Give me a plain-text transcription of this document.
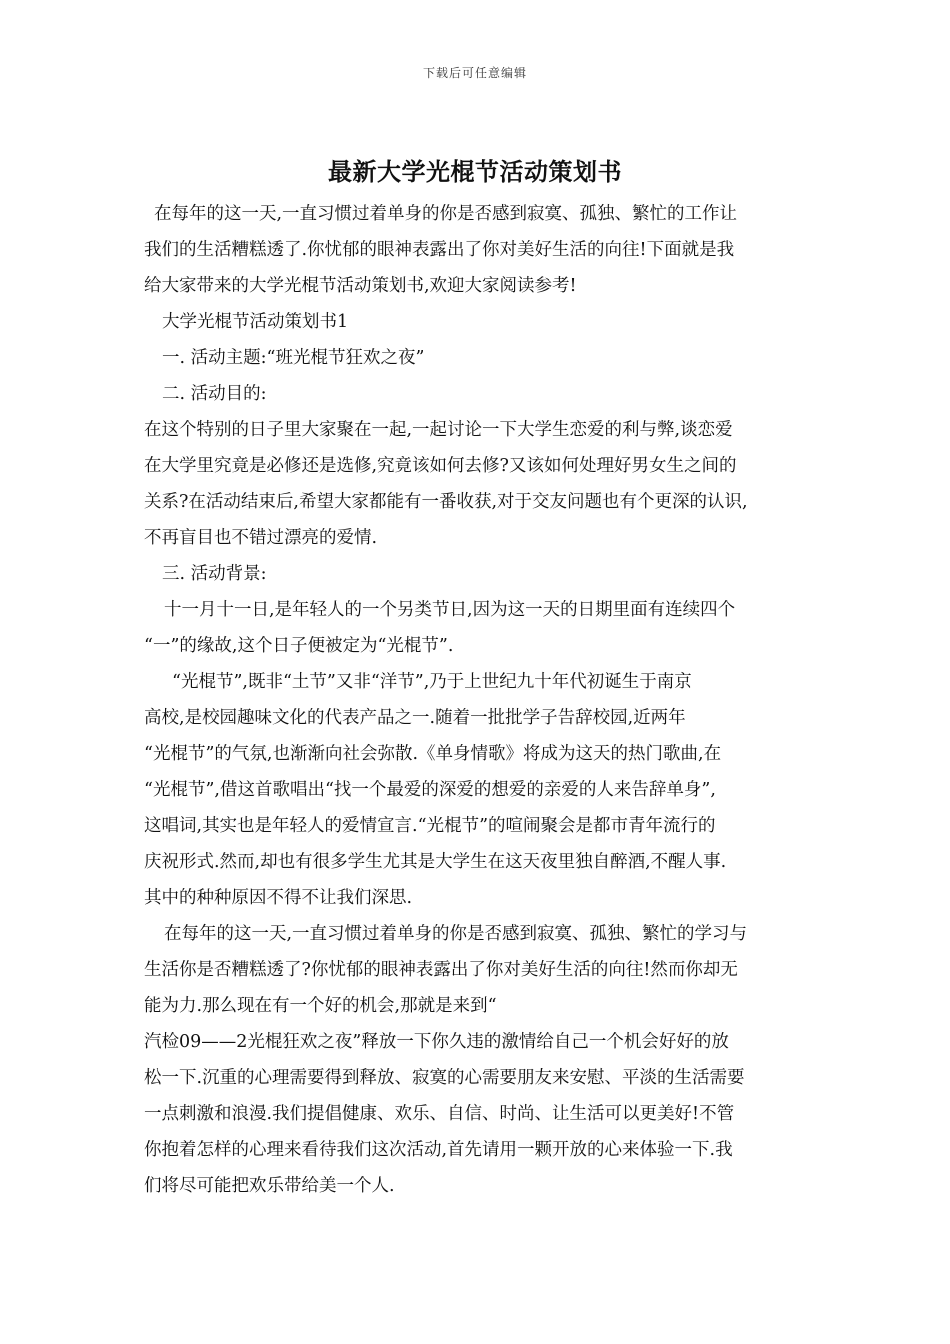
下载后可任意编辑
最新大学光棍节活动策划书
在每年的这一天,一直习惯过着单身的你是否感到寂寞、孤独、繁忙的工作让
我们的生活糟糕透了.你忧郁的眼神表露出了你对美好生活的向往!下面就是我
给大家带来的大学光棍节活动策划书,欢迎大家阅读参考!
大学光棍节活动策划书1
一. 活动主题:“班光棍节狂欢之夜”
二. 活动目的:
在这个特别的日子里大家聚在一起,一起讨论一下大学生恋爱的利与弊,谈恋爱
在大学里究竟是必修还是选修,究竟该如何去修?又该如何处理好男女生之间的
关系?在活动结束后,希望大家都能有一番收获,对于交友问题也有个更深的认识,
不再盲目也不错过漂亮的爱情.
三. 活动背景:
十一月十一日,是年轻人的一个另类节日,因为这一天的日期里面有连续四个
“一”的缘故,这个日子便被定为“光棍节”.
“光棍节”,既非“土节”又非“洋节”,乃于上世纪九十年代初诞生于南京
高校,是校园趣味文化的代表产品之一.随着一批批学子告辞校园,近两年
“光棍节”的气氛,也渐渐向社会弥散.《单身情歌》将成为这天的热门歌曲,在
“光棍节”,借这首歌唱出“找一个最爱的深爱的想爱的亲爱的人来告辞单身”,
这唱词,其实也是年轻人的爱情宣言.“光棍节”的喧闹聚会是都市青年流行的
庆祝形式.然而,却也有很多学生尤其是大学生在这天夜里独自醉酒,不醒人事.
其中的种种原因不得不让我们深思.
在每年的这一天,一直习惯过着单身的你是否感到寂寞、孤独、繁忙的学习与
生活你是否糟糕透了?你忧郁的眼神表露出了你对美好生活的向往!然而你却无
能为力.那么现在有一个好的机会,那就是来到“
汽检09——2光棍狂欢之夜”释放一下你久违的激情给自己一个机会好好的放
松一下.沉重的心理需要得到释放、寂寞的心需要朋友来安慰、平淡的生活需要
一点刺激和浪漫.我们提倡健康、欢乐、自信、时尚、让生活可以更美好!不管
你抱着怎样的心理来看待我们这次活动,首先请用一颗开放的心来体验一下.我
们将尽可能把欢乐带给美一个人.
